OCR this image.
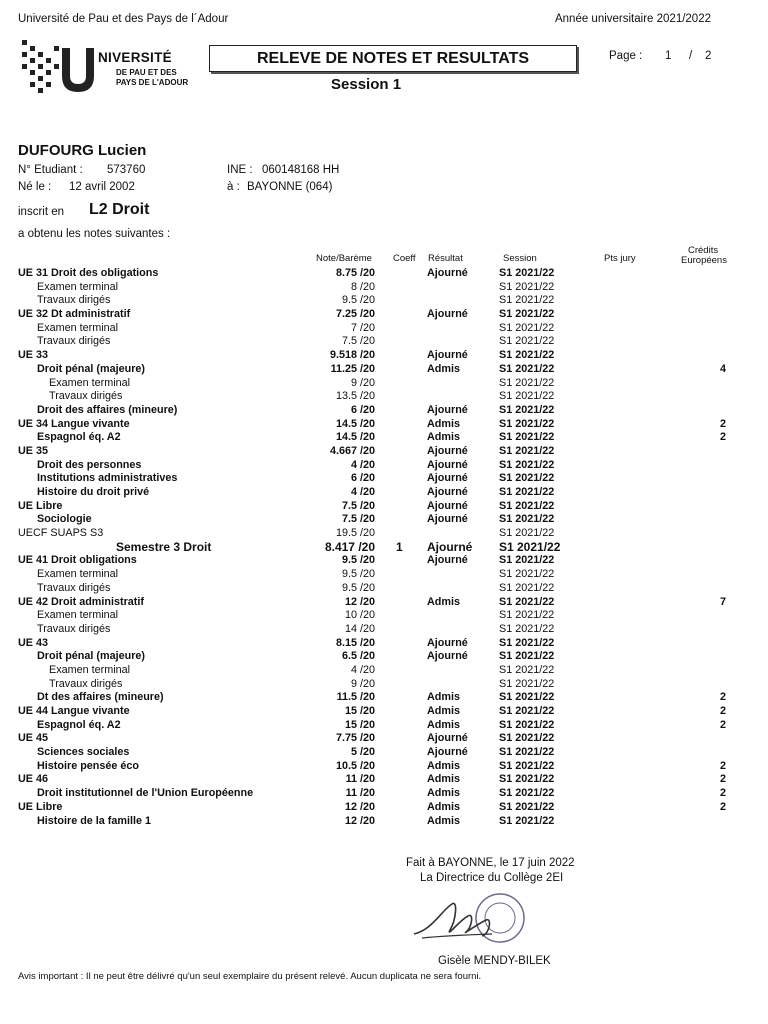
Université de Pau et des Pays de l´Adour	Année universitaire 2021/2022
NIVERSITÉ
DE PAU ET DES
PAYS DE L'ADOUR
RELEVE DE NOTES ET RESULTATS
Session 1
Page : 1 / 2
DUFOURG Lucien
N° Etudiant : 573760	INE : 060148168 HH
Né le : 12 avril 2002	à : BAYONNE (064)
inscrit en L2 Droit
a obtenu les notes suivantes :
Note/Barème Coeff Résultat	Session	Pts jury
Crédits
Européens
UE 31 Droit des obligations	8.75 /20	Ajourné	S1 2021/22
Examen terminal	8 /20	S1 2021/22
Travaux dirigés	9.5 /20	S1 2021/22
UE 32 Dt administratif	7.25 /20	Ajourné	S1 2021/22
Examen terminal	7 /20	S1 2021/22
Travaux dirigés	7.5 /20	S1 2021/22
UE 33	9.518 /20	Ajourné	S1 2021/22
Droit pénal (majeure)	11.25 /20	Admis	S1 2021/22	4
Examen terminal	9 /20	S1 2021/22
Travaux dirigés	13.5 /20	S1 2021/22
Droit des affaires (mineure)	6 /20	Ajourné	S1 2021/22
UE 34 Langue vivante	14.5 /20	Admis	S1 2021/22	2
Espagnol éq. A2	14.5 /20	Admis	S1 2021/22	2
UE 35	4.667 /20	Ajourné	S1 2021/22
Droit des personnes	4 /20	Ajourné	S1 2021/22
Institutions administratives	6 /20	Ajourné	S1 2021/22
Histoire du droit privé	4 /20	Ajourné	S1 2021/22
UE Libre	7.5 /20	Ajourné	S1 2021/22
Sociologie	7.5 /20	Ajourné	S1 2021/22
UECF SUAPS S3	19.5 /20	S1 2021/22
Semestre 3 Droit	8.417 /20 1 Ajourné S1 2021/22
UE 41 Droit obligations	9.5 /20	Ajourné	S1 2021/22
Examen terminal	9.5 /20	S1 2021/22
Travaux dirigés	9.5 /20	S1 2021/22
UE 42 Droit administratif	12 /20	Admis	S1 2021/22	7
Examen terminal	10 /20	S1 2021/22
Travaux dirigés	14 /20	S1 2021/22
UE 43	8.15 /20	Ajourné	S1 2021/22
Droit pénal (majeure)	6.5 /20	Ajourné	S1 2021/22
Examen terminal	4 /20	S1 2021/22
Travaux dirigés	9 /20	S1 2021/22
Dt des affaires (mineure)	11.5 /20	Admis	S1 2021/22	2
UE 44 Langue vivante	15 /20	Admis	S1 2021/22	2
Espagnol éq. A2	15 /20	Admis	S1 2021/22	2
UE 45	7.75 /20	Ajourné	S1 2021/22
Sciences sociales	5 /20	Ajourné	S1 2021/22
Histoire pensée éco	10.5 /20	Admis	S1 2021/22	2
UE 46	11 /20	Admis	S1 2021/22	2
Droit institutionnel de l'Union Européenne	11 /20	Admis	S1 2021/22	2
UE Libre	12 /20	Admis	S1 2021/22	2
Histoire de la famille 1	12 /20	Admis	S1 2021/22
Fait à BAYONNE, le 17 juin 2022
La Directrice du Collège 2EI
Gisèle MENDY-BILEK
Avis important : Il ne peut être délivré qu'un seul exemplaire du présent relevé. Aucun duplicata ne sera fourni.
